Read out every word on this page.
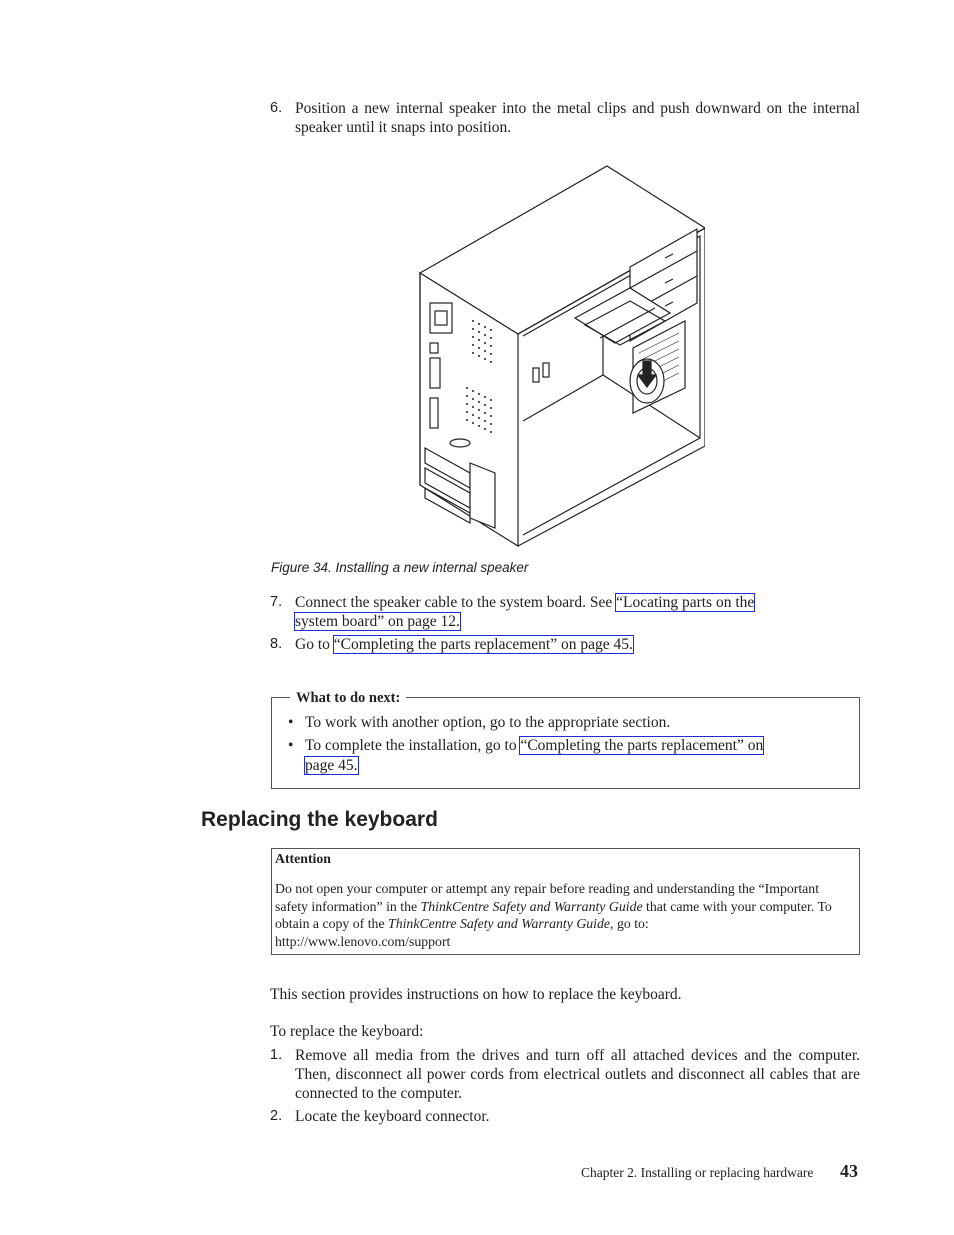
6. Position a new internal speaker into the metal clips and push downward on the internal speaker until it snaps into position.
Figure 34. Installing a new internal speaker
7. Connect the speaker cable to the system board. See “Locating parts on the
system board” on page 12.
8. Go to “Completing the parts replacement” on page 45.
What to do next:
• To work with another option, go to the appropriate section.
• To complete the installation, go to “Completing the parts replacement” on
page 45.
Replacing the keyboard
Attention
Do not open your computer or attempt any repair before reading and understanding the “Important safety information” in the ThinkCentre Safety and Warranty Guide that came with your computer. To obtain a copy of the ThinkCentre Safety and Warranty Guide, go to:
http://www.lenovo.com/support
This section provides instructions on how to replace the keyboard.
To replace the keyboard:
1. Remove all media from the drives and turn off all attached devices and the computer. Then, disconnect all power cords from electrical outlets and disconnect all cables that are connected to the computer.
2. Locate the keyboard connector.
Chapter 2. Installing or replacing hardware 43
